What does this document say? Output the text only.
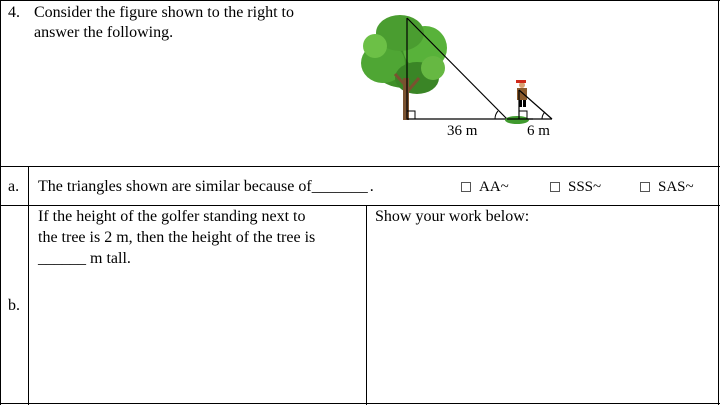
4. Consider the figure shown to the right to
answer the following.
36 m	6 m
a. The triangles shown are similar because of_______ .	AA~	SSS~	SAS~
b.
If the height of the golfer standing next to
the tree is 2 m, then the height of the tree is
______ m tall.
Show your work below:
